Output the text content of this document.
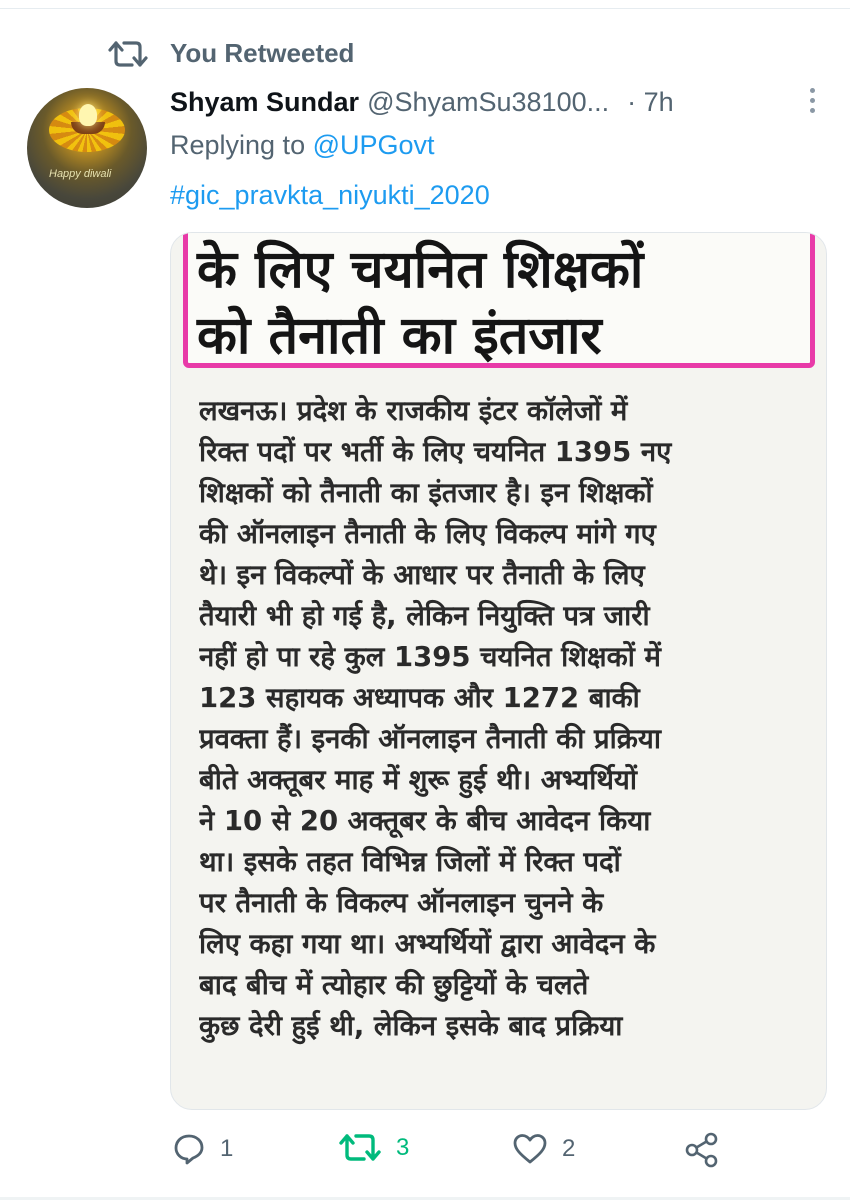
You Retweeted
Happy diwali
Shyam Sundar @ShyamSu38100... · 7h
Replying to @UPGovt
#gic_pravkta_niyukti_2020
के लिए चयनित शिक्षकों
को तैनाती का इंतजार
लखनऊ। प्रदेश के राजकीय इंटर कॉलेजों में
रिक्त पदों पर भर्ती के लिए चयनित 1395 नए
शिक्षकों को तैनाती का इंतजार है। इन शिक्षकों
की ऑनलाइन तैनाती के लिए विकल्प मांगे गए
थे। इन विकल्पों के आधार पर तैनाती के लिए
तैयारी भी हो गई है, लेकिन नियुक्ति पत्र जारी
नहीं हो पा रहे कुल 1395 चयनित शिक्षकों में
123 सहायक अध्यापक और 1272 बाकी
प्रवक्ता हैं। इनकी ऑनलाइन तैनाती की प्रक्रिया
बीते अक्तूबर माह में शुरू हुई थी। अभ्यर्थियों
ने 10 से 20 अक्तूबर के बीच आवेदन किया
था। इसके तहत विभिन्न जिलों में रिक्त पदों
पर तैनाती के विकल्प ऑनलाइन चुनने के
लिए कहा गया था। अभ्यर्थियों द्वारा आवेदन के
बाद बीच में त्योहार की छुट्टियों के चलते
कुछ देरी हुई थी, लेकिन इसके बाद प्रक्रिया
1	3	2
